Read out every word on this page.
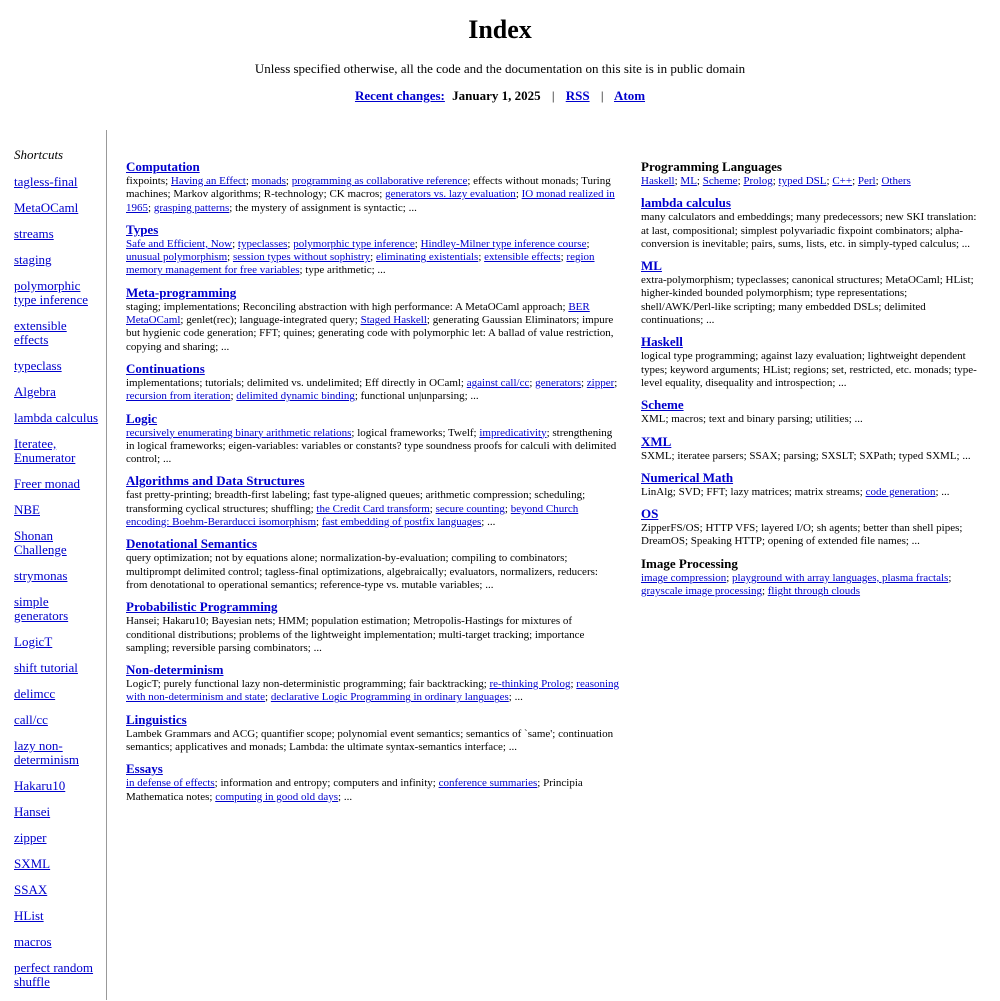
Index
Unless specified otherwise, all the code and the documentation on this site is in public domain
Recent changes: January 1, 2025 | RSS | Atom
Shortcuts
tagless-final
MetaOCaml
streams
staging
polymorphic type inference
extensible effects
typeclass
Algebra
lambda calculus
Iteratee, Enumerator
Freer monad
NBE
Shonan Challenge
strymonas
simple generators
LogicT
shift tutorial
delimcc
call/cc
lazy non-determinism
Hakaru10
Hansei
zipper
SXML
SSAX
HList
macros
perfect random shuffle
Computation
fixpoints; Having an Effect; monads; programming as collaborative reference; effects without monads; Turing machines; Markov algorithms; R-technology; CK macros; generators vs. lazy evaluation; IO monad realized in 1965; grasping patterns; the mystery of assignment is syntactic; ...
Types
Safe and Efficient, Now; typeclasses; polymorphic type inference; Hindley-Milner type inference course; unusual polymorphism; session types without sophistry; eliminating existentials; extensible effects; region memory management for free variables; type arithmetic; ...
Meta-programming
staging; implementations; Reconciling abstraction with high performance: A MetaOCaml approach; BER MetaOCaml; genlet(rec); language-integrated query; Staged Haskell; generating Gaussian Eliminators; impure but hygienic code generation; FFT; quines; generating code with polymorphic let: A ballad of value restriction, copying and sharing; ...
Continuations
implementations; tutorials; delimited vs. undelimited; Eff directly in OCaml; against call/cc; generators; zipper; recursion from iteration; delimited dynamic binding; functional un|unparsing; ...
Logic
recursively enumerating binary arithmetic relations; logical frameworks; Twelf; impredicativity; strengthening in logical frameworks; eigen-variables: variables or constants? type soundness proofs for calculi with delimited control; ...
Algorithms and Data Structures
fast pretty-printing; breadth-first labeling; fast type-aligned queues; arithmetic compression; scheduling; transforming cyclical structures; shuffling; the Credit Card transform; secure counting; beyond Church encoding: Boehm-Berarducci isomorphism; fast embedding of postfix languages; ...
Denotational Semantics
query optimization; not by equations alone; normalization-by-evaluation; compiling to combinators; multiprompt delimited control; tagless-final optimizations, algebraically; evaluators, normalizers, reducers: from denotational to operational semantics; reference-type vs. mutable variables; ...
Probabilistic Programming
Hansei; Hakaru10; Bayesian nets; HMM; population estimation; Metropolis-Hastings for mixtures of conditional distributions; problems of the lightweight implementation; multi-target tracking; importance sampling; reversible parsing combinators; ...
Non-determinism
LogicT; purely functional lazy non-deterministic programming; fair backtracking; re-thinking Prolog; reasoning with non-determinism and state; declarative Logic Programming in ordinary languages; ...
Linguistics
Lambek Grammars and ACG; quantifier scope; polynomial event semantics; semantics of `same'; continuation semantics; applicatives and monads; Lambda: the ultimate syntax-semantics interface; ...
Essays
in defense of effects; information and entropy; computers and infinity; conference summaries; Principia Mathematica notes; computing in good old days; ...
Programming Languages
Haskell; ML; Scheme; Prolog; typed DSL; C++; Perl; Others
lambda calculus
many calculators and embeddings; many predecessors; new SKI translation: at last, compositional; simplest polyvariadic fixpoint combinators; alpha-conversion is inevitable; pairs, sums, lists, etc. in simply-typed calculus; ...
ML
extra-polymorphism; typeclasses; canonical structures; MetaOCaml; HList; higher-kinded bounded polymorphism; type representations; shell/AWK/Perl-like scripting; many embedded DSLs; delimited continuations; ...
Haskell
logical type programming; against lazy evaluation; lightweight dependent types; keyword arguments; HList; regions; set, restricted, etc. monads; type-level equality, disequality and introspection; ...
Scheme
XML; macros; text and binary parsing; utilities; ...
XML
SXML; iteratee parsers; SSAX; parsing; SXSLT; SXPath; typed SXML; ...
Numerical Math
LinAlg; SVD; FFT; lazy matrices; matrix streams; code generation; ...
OS
ZipperFS/OS; HTTP VFS; layered I/O; sh agents; better than shell pipes; DreamOS; Speaking HTTP; opening of extended file names; ...
Image Processing
image compression; playground with array languages, plasma fractals; grayscale image processing; flight through clouds
